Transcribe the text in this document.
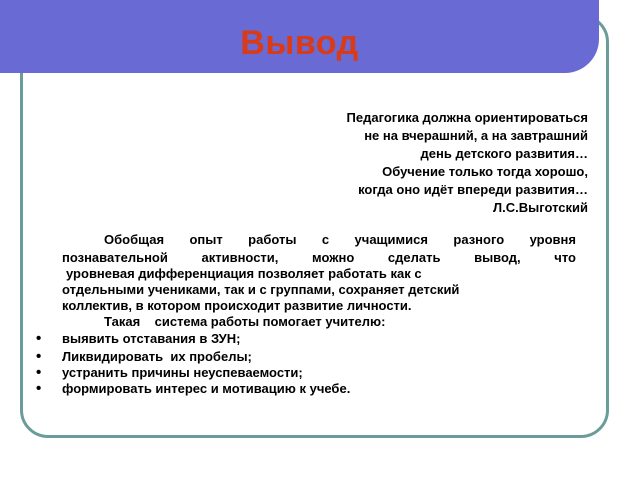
Вывод
Педагогика должна ориентироваться
не на вчерашний, а на завтрашний
день детского развития…
Обучение только тогда хорошо,
когда оно идёт впереди развития…
Л.С.Выготский
Обобщая опыт работы с учащимися разного уровня
познавательной	активности,	можно	сделать	вывод,	что
уровневая дифференциация позволяет работать как с
отдельными учениками, так и с группами, сохраняет детский
коллектив, в котором происходит развитие личности.
Такая    система работы помогает учителю:
•	выявить отставания в ЗУН;
•	Ликвидировать  их пробелы;
•	устранить причины неуспеваемости;
•	формировать интерес и мотивацию к учебе.
